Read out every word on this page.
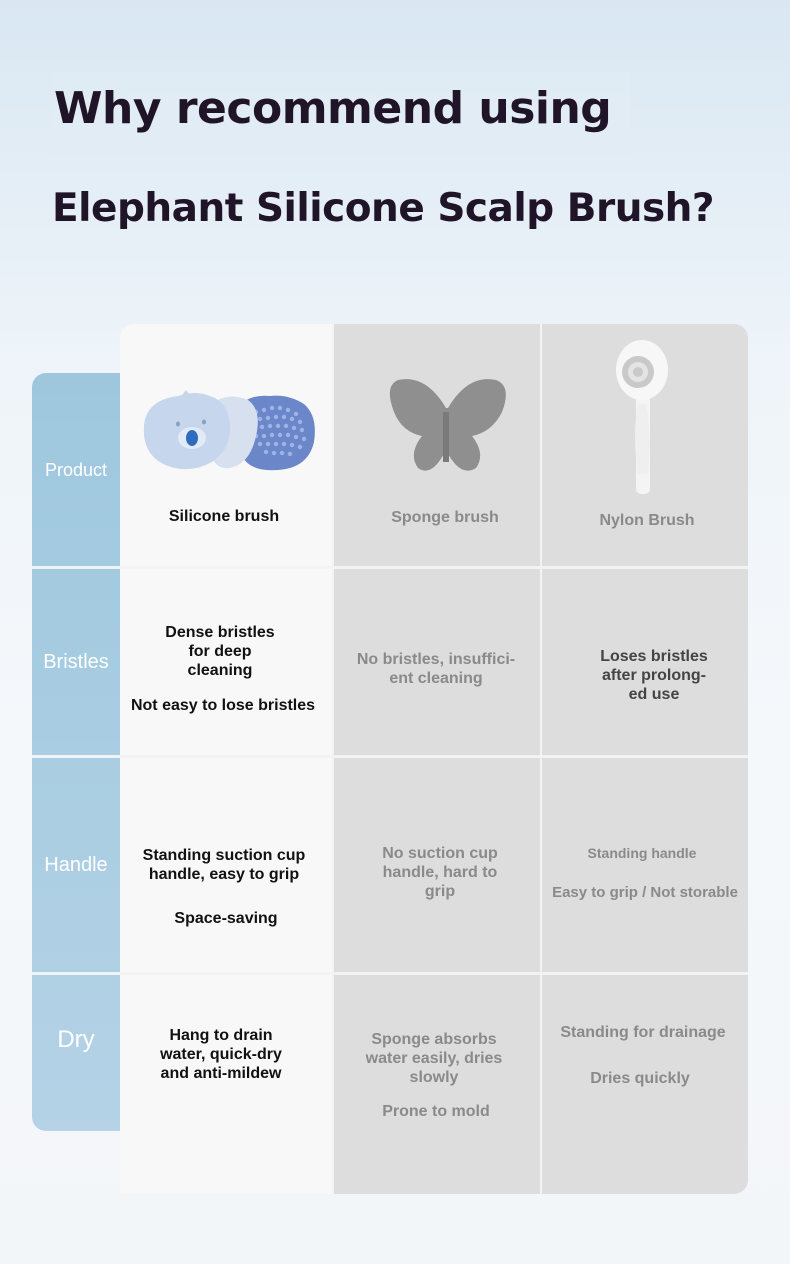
Why recommend using
Elephant Silicone Scalp Brush?
Product
Bristles
Handle
Dry
Silicone brush	Sponge brush	Nylon Brush
Dense bristles
for deep
cleaning
Not easy to lose bristles
No bristles, insuffici-
ent cleaning
Loses bristles
after prolong-
ed use
Standing suction cup
handle, easy to grip
Space-saving
No suction cup
handle, hard to
grip
Standing handle
Easy to grip / Not storable
Hang to drain
water, quick-dry
and anti-mildew
Sponge absorbs
water easily, dries
slowly
Prone to mold
Standing for drainage
Dries quickly
